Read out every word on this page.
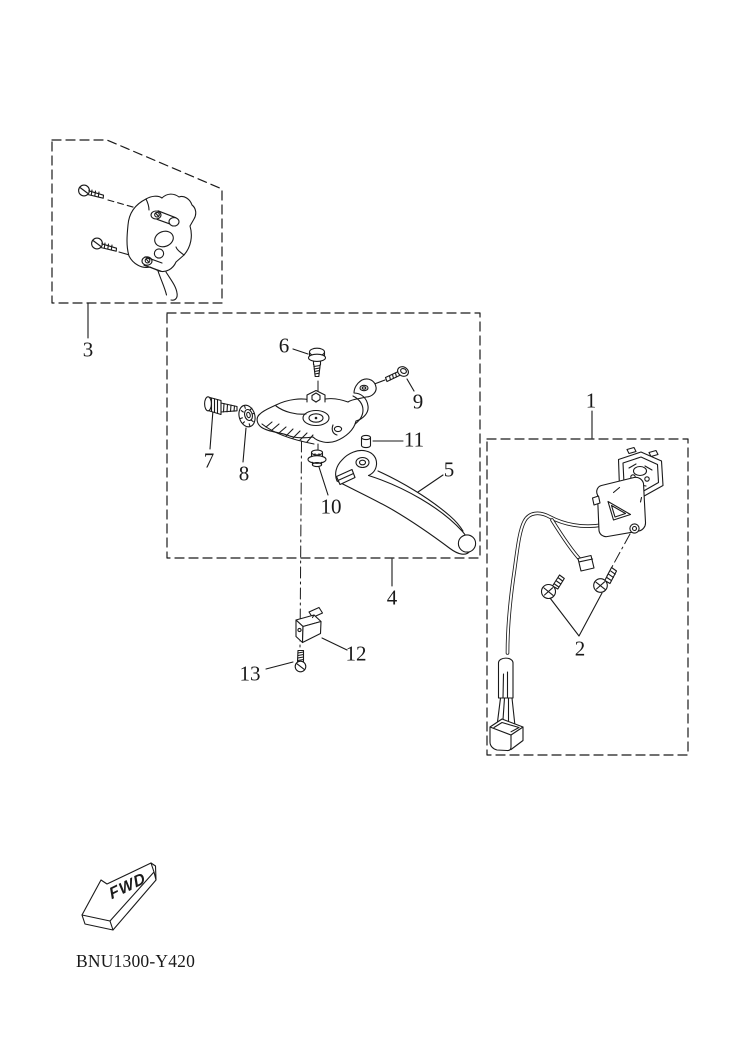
1
2
3
4
5
6
7
8
9
10
11
12
13
FWD
BNU1300-Y420
